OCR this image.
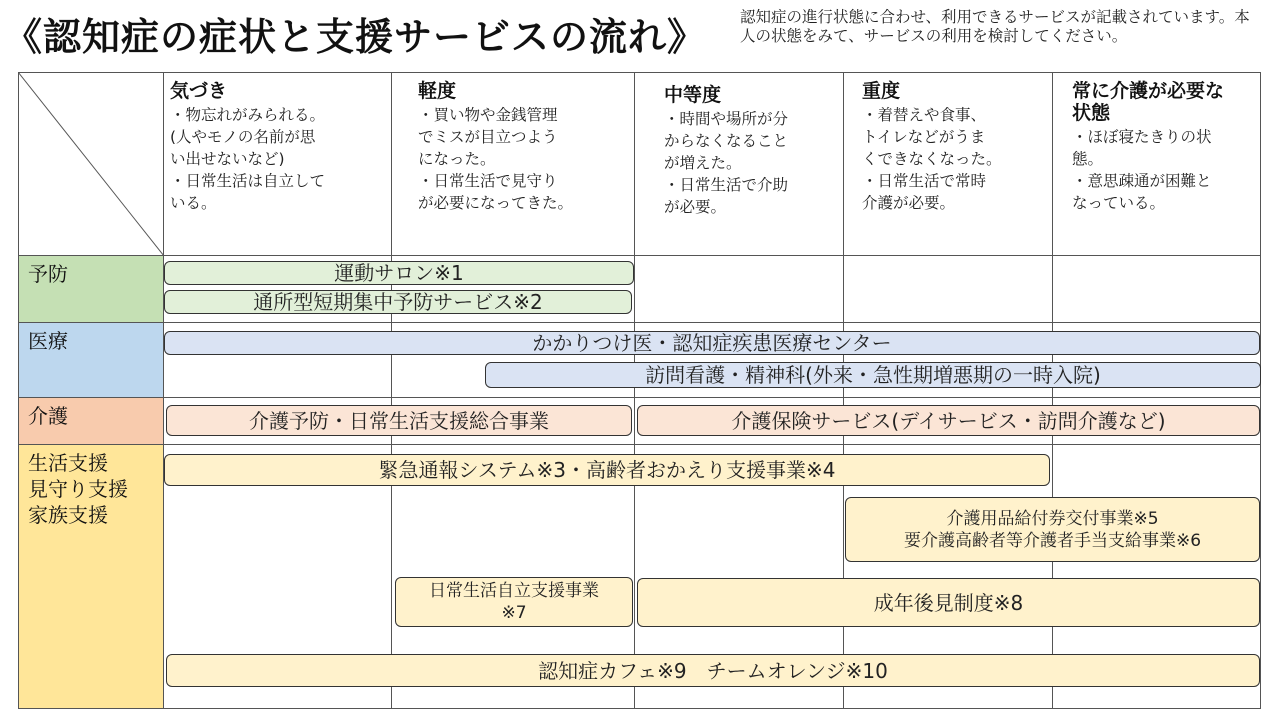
《認知症の症状と支援サービスの流れ》 認知症の進行状態に合わせ、利用できるサービスが記載されています。本人の状態をみて、サービスの利用を検討してください。
予防
医療
介護
生活支援
見守り支援
家族支援
気づき
・物忘れがみられる。
(人やモノの名前が思
い出せないなど)
・日常生活は自立して
いる。
軽度
・買い物や金銭管理
でミスが目立つよう
になった。
・日常生活で見守り
が必要になってきた。
中等度
・時間や場所が分
からなくなること
が増えた。
・日常生活で介助
が必要。
重度
・着替えや食事、
トイレなどがうま
くできなくなった。
・日常生活で常時
介護が必要。
常に介護が必要な
状態
・ほぼ寝たきりの状
態。
・意思疎通が困難と
なっている。
運動サロン※1
通所型短期集中予防サービス※2
かかりつけ医・認知症疾患医療センター
訪問看護・精神科(外来・急性期増悪期の一時入院)
介護予防・日常生活支援総合事業	介護保険サービス(デイサービス・訪問介護など)
緊急通報システム※3・高齢者おかえり支援事業※4
介護用品給付券交付事業※5
要介護高齢者等介護者手当支給事業※6
日常生活自立支援事業
※7	成年後見制度※8
認知症カフェ※9　チームオレンジ※10
